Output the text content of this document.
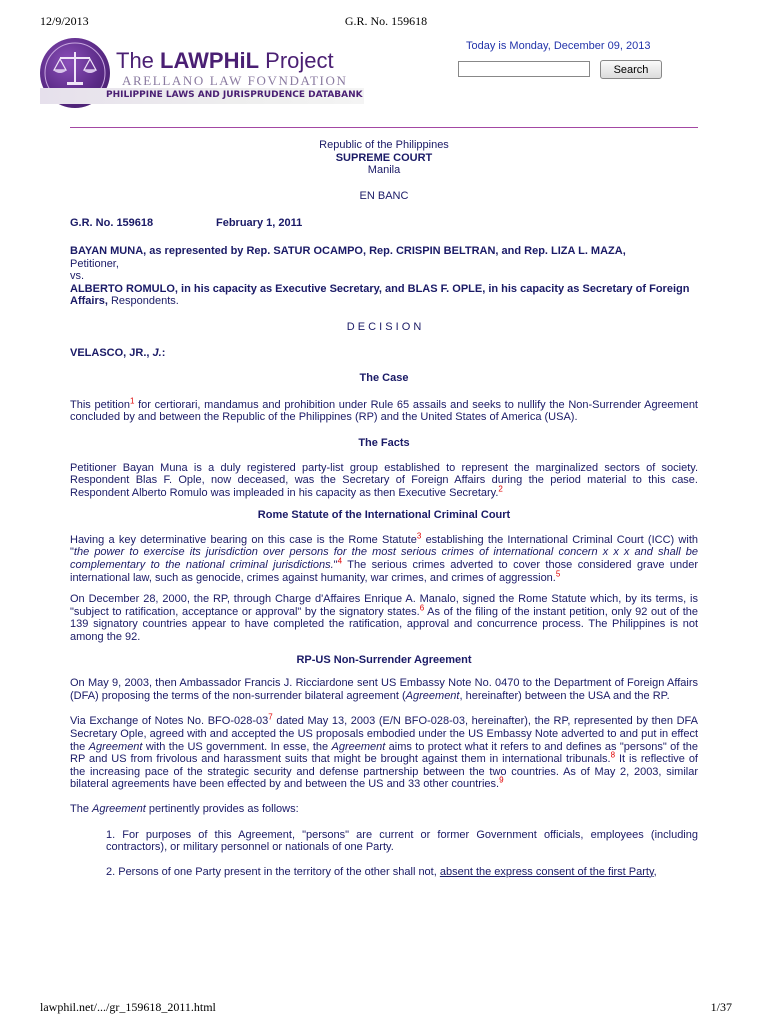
12/9/2013	G.R. No. 159618
The LAWPHiL Project
ARELLANO LAW FOVNDATION
PHILIPPINE LAWS AND JURISPRUDENCE DATABANK
Today is Monday, December 09, 2013
Search

Republic of the Philippines

SUPREME COURT

Manila

EN BANC

G.R. No. 159618	February 1, 2011

BAYAN MUNA, as represented by Rep. SATUR OCAMPO, Rep. CRISPIN BELTRAN, and Rep. LIZA L. MAZA,
Petitioner,
vs.
ALBERTO ROMULO, in his capacity as Executive Secretary, and BLAS F. OPLE, in his capacity as Secretary of Foreign Affairs, Respondents.

D E C I S I O N

VELASCO, JR., J.:

The Case

This petition$^1$ for certiorari, mandamus and prohibition under Rule 65 assails and seeks to nullify the Non-Surrender Agreement concluded by and between the Republic of the Philippines (RP) and the United States of America (USA).

The Facts

Petitioner Bayan Muna is a duly registered party-list group established to represent the marginalized sectors of society. Respondent Blas F. Ople, now deceased, was the Secretary of Foreign Affairs during the period material to this case. Respondent Alberto Romulo was impleaded in his capacity as then Executive Secretary.$^2$

Rome Statute of the International Criminal Court

Having a key determinative bearing on this case is the Rome Statute$^3$ establishing the International Criminal Court (ICC) with "the power to exercise its jurisdiction over persons for the most serious crimes of international concern x x x and shall be complementary to the national criminal jurisdictions."$^4$ The serious crimes adverted to cover those considered grave under international law, such as genocide, crimes against humanity, war crimes, and crimes of aggression.$^5$

On December 28, 2000, the RP, through Charge d'Affaires Enrique A. Manalo, signed the Rome Statute which, by its terms, is "subject to ratification, acceptance or approval" by the signatory states.$^6$ As of the filing of the instant petition, only 92 out of the 139 signatory countries appear to have completed the ratification, approval and concurrence process. The Philippines is not among the 92.

RP-US Non-Surrender Agreement

On May 9, 2003, then Ambassador Francis J. Ricciardone sent US Embassy Note No. 0470 to the Department of Foreign Affairs (DFA) proposing the terms of the non-surrender bilateral agreement (Agreement, hereinafter) between the USA and the RP.

Via Exchange of Notes No. BFO-$028-03^7$ dated May 13, 2003 (E/N BFO-028-03, hereinafter), the RP, represented by then DFA Secretary Ople, agreed with and accepted the US proposals embodied under the US Embassy Note adverted to and put in effect the Agreement with the US government. In esse, the Agreement aims to protect what it refers to and defines as "persons" of the RP and US from frivolous and harassment suits that might be brought against them in international tribunals.$^8$ It is reflective of the increasing pace of the strategic security and defense partnership between the two countries. As of May 2, 2003, similar bilateral agreements have been effected by and between the US and 33 other countries.$^9$

The Agreement pertinently provides as follows:

1. For purposes of this Agreement, "persons" are current or former Government officials, employees (including contractors), or military personnel or nationals of one Party.

2. Persons of one Party present in the territory of the other shall not, absent the express consent of the first Party,

lawphil.net/.../gr_159618_2011.html	1/37
